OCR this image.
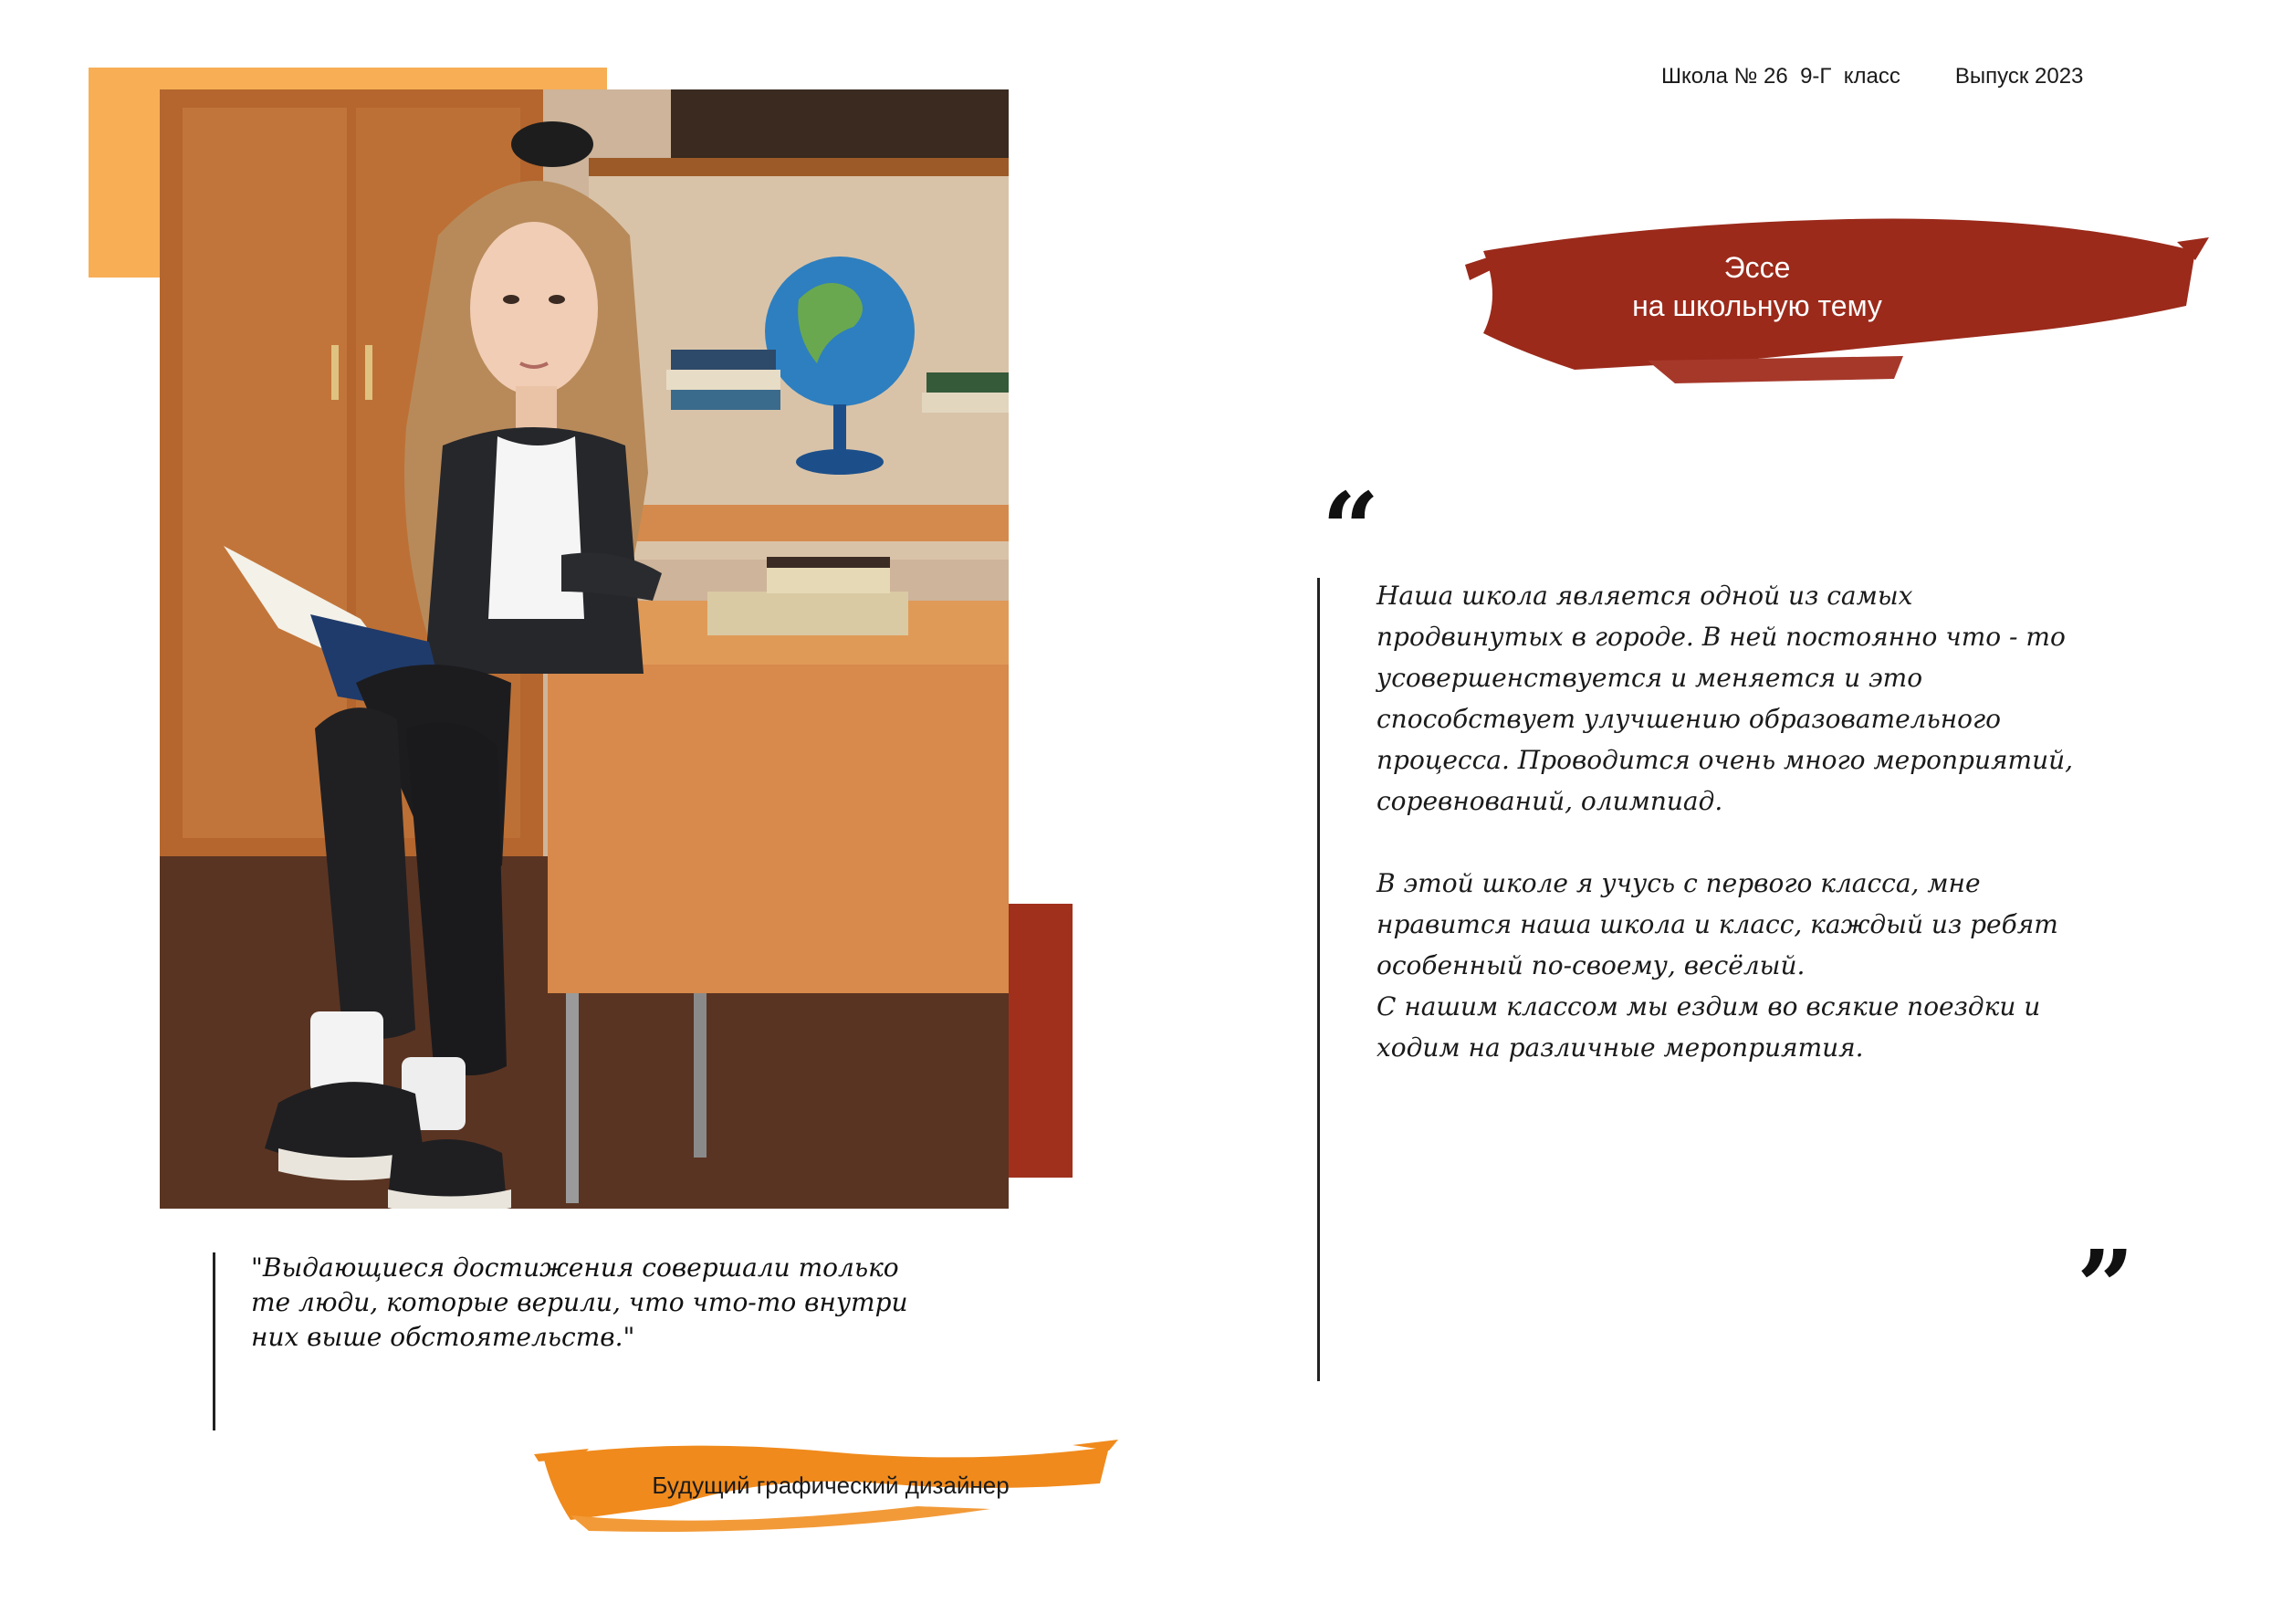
"Выдающиеся достижения совершали только те люди, которые верили, что что-то внутри них выше обстоятельств."
Будущий графический дизайнер
Школа № 26 9-Г  класс	Выпуск 2023
Эссе
на школьную тему
“

Наша школа является одной из самых продвинутых в городе. В ней постоянно что - то усовершенствуется и меняется и это способствует улучшению образовательного процесса. Проводится очень много мероприятий, соревнований, олимпиад.

В этой школе я учусь с первого класса, мне нравится наша школа и класс, каждый из ребят особенный по-своему, весёлый.

С нашим классом мы ездим во всякие поездки и ходим на различные мероприятия.

”
